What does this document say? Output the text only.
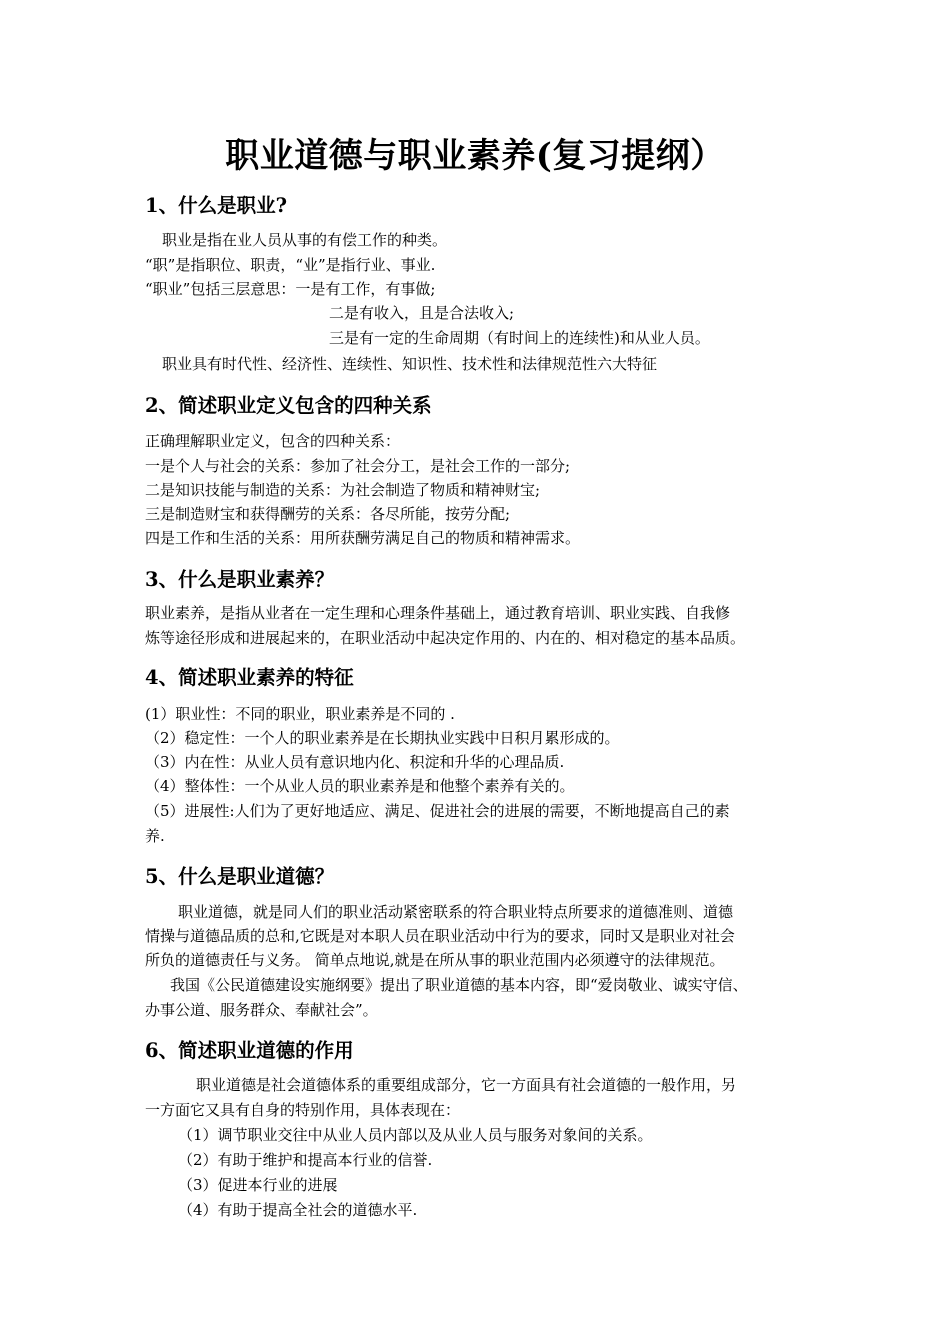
职业道德与职业素养(复习提纲）
1、什么是职业?
职业是指在业人员从事的有偿工作的种类。
“职”是指职位、职责，“业”是指行业、事业.
“职业”包括三层意思：一是有工作，有事做;
二是有收入，且是合法收入;
三是有一定的生命周期（有时间上的连续性)和从业人员。
职业具有时代性、经济性、连续性、知识性、技术性和法律规范性六大特征
2、简述职业定义包含的四种关系
正确理解职业定义，包含的四种关系：
一是个人与社会的关系：参加了社会分工，是社会工作的一部分;
二是知识技能与制造的关系：为社会制造了物质和精神财宝;
三是制造财宝和获得酬劳的关系：各尽所能，按劳分配;
四是工作和生活的关系：用所获酬劳满足自己的物质和精神需求。
3、什么是职业素养？
职业素养，是指从业者在一定生理和心理条件基础上，通过教育培训、职业实践、自我修
炼等途径形成和进展起来的，在职业活动中起决定作用的、内在的、相对稳定的基本品质。
4、简述职业素养的特征
(1）职业性：不同的职业，职业素养是不同的 .
（2）稳定性：一个人的职业素养是在长期执业实践中日积月累形成的。
（3）内在性：从业人员有意识地内化、积淀和升华的心理品质.
（4）整体性：一个从业人员的职业素养是和他整个素养有关的。
（5）进展性:人们为了更好地适应、满足、促进社会的进展的需要，不断地提高自己的素
养.
5、什么是职业道德？
职业道德，就是同人们的职业活动紧密联系的符合职业特点所要求的道德准则、道德
情操与道德品质的总和,它既是对本职人员在职业活动中行为的要求，同时又是职业对社会
所负的道德责任与义务。 简单点地说,就是在所从事的职业范围内必须遵守的法律规范。
我国《公民道德建设实施纲要》提出了职业道德的基本内容，即“爱岗敬业、诚实守信、
办事公道、服务群众、奉献社会”。
6、简述职业道德的作用
职业道德是社会道德体系的重要组成部分，它一方面具有社会道德的一般作用，另
一方面它又具有自身的特别作用，具体表现在：
（1）调节职业交往中从业人员内部以及从业人员与服务对象间的关系。
（2）有助于维护和提高本行业的信誉.
（3）促进本行业的进展
（4）有助于提高全社会的道德水平.
